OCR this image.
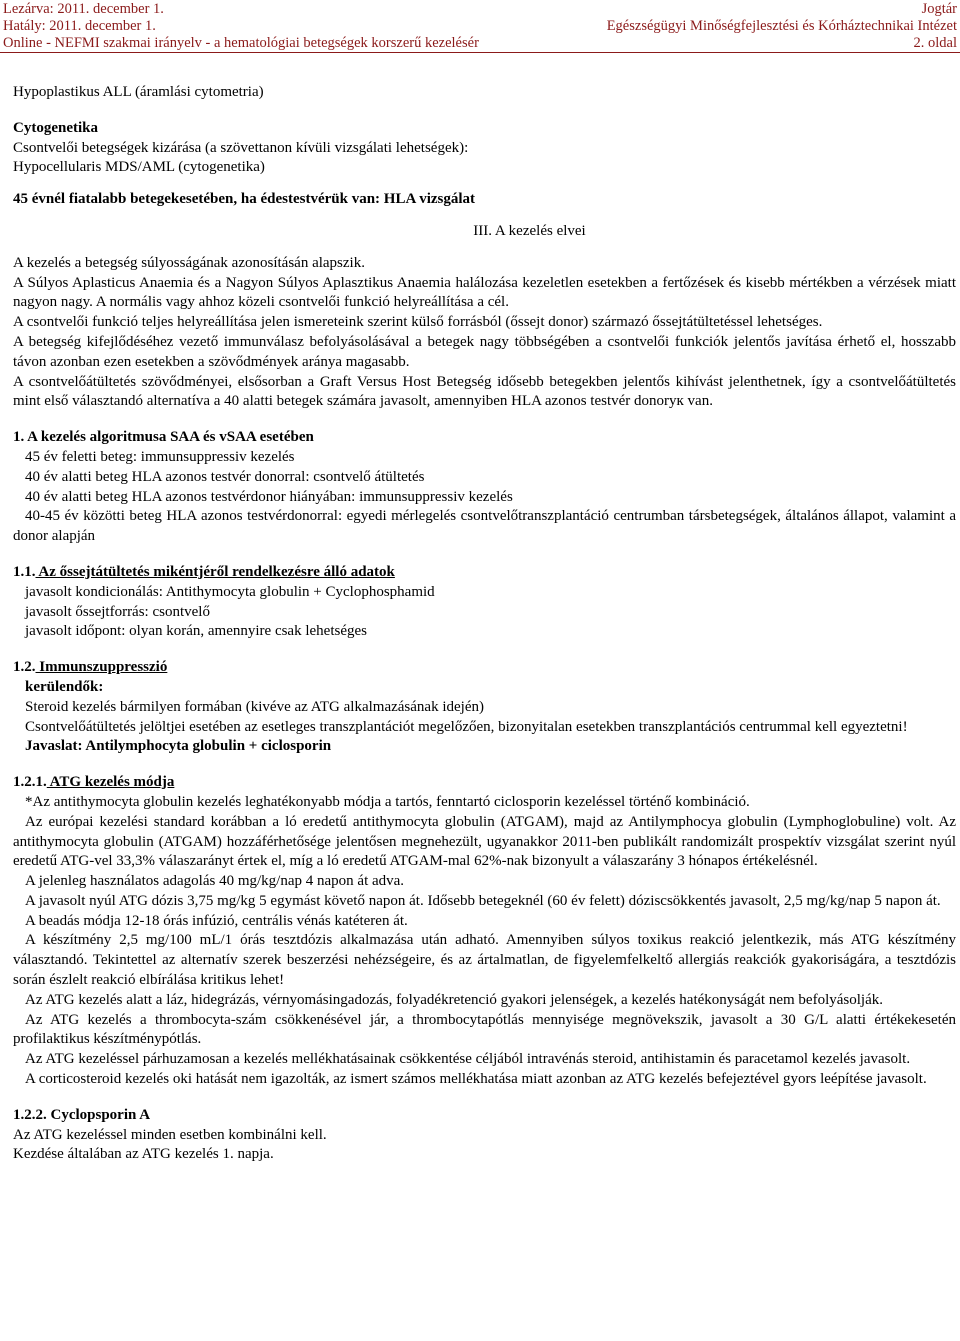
Lezárva: 2011. december 1.
Hatály: 2011. december 1.
Online - NEFMI szakmai irányelv - a hematológiai betegségek korszerű kezelésér
Jogtár
Egészségügyi Minőségfejlesztési és Kórháztechnikai Intézet
2. oldal

Hypoplastikus ALL (áramlási cytometria)

Cytogenetika

Csontvelői betegségek kizárása (a szövettanon kívüli vizsgálati lehetségek):

Hypocellularis MDS/AML (cytogenetika)

45 évnél fiatalabb betegekesetében, ha édestestvérük van: HLA vizsgálat

III. A kezelés elvei

A kezelés a betegség súlyosságának azonosításán alapszik.

A Súlyos Aplasticus Anaemia és a Nagyon Súlyos Aplasztikus Anaemia halálozása kezeletlen esetekben a fertőzések és kisebb mértékben a vérzések miatt nagyon nagy. A normális vagy ahhoz közeli csontvelői funkció helyreállítása a cél.

A csontvelői funkció teljes helyreállítása jelen ismereteink szerint külső forrásból (őssejt donor) származó őssejtátültetéssel lehetséges.

A betegség kifejlődéséhez vezető immunválasz befolyásolásával a betegek nagy többségében a csontvelői funkciók jelentős javítása érhető el, hosszabb távon azonban ezen esetekben a szövődmények aránya magasabb.

A csontvelőátültetés szövődményei, elsősorban a Graft Versus Host Betegség idősebb betegekben jelentős kihívást jelenthetnek, így a csontvelőátültetés mint első választandó alternatíva a 40 alatti betegek számára javasolt, amennyiben HLA azonos testvér donorук van.

1. A kezelés algoritmusa SAA és vSAA esetében

45 év feletti beteg: immunsuppressiv kezelés

40 év alatti beteg HLA azonos testvér donorral: csontvelő átültetés

40 év alatti beteg HLA azonos testvérdonor hiányában: immunsuppressiv kezelés

40-45 év közötti beteg HLA azonos testvérdonorral: egyedi mérlegelés csontvelőtranszplantáció centrumban társbetegségek, általános állapot, valamint a donor alapján

1.1. Az őssejtátültetés mikéntjéről rendelkezésre álló adatok

javasolt kondicionálás: Antithymocyta globulin + Cyclophosphamid

javasolt őssejtforrás: csontvelő

javasolt időpont: olyan korán, amennyire csak lehetséges

1.2. Immunszuppresszió

kerülendők:

Steroid kezelés bármilyen formában (kivéve az ATG alkalmazásának idején)

Csontvelőátültetés jelöltjei esetében az esetleges transzplantációt megelőzően, bizonyitalan esetekben transzplantációs centrummal kell egyeztetni!

Javaslat: Antilymphocyta globulin + ciclosporin

1.2.1. ATG kezelés módja

*Az antithymocyta globulin kezelés leghatékonyabb módja a tartós, fenntartó ciclosporin kezeléssel történő kombináció.

Az európai kezelési standard korábban a ló eredetű antithymocyta globulin (ATGAM), majd az Antilymphocya globulin (Lymphoglobuline) volt. Az antithymocyta globulin (ATGAM) hozzáférhetősége jelentősen megnehezült, ugyanakkor 2011-ben publikált randomizált prospektív vizsgálat szerint nyúl eredetű ATG-vel 33,3% válaszarányt értek el, míg a ló eredetű ATGAM-mal 62%-nak bizonyult a válaszarány 3 hónapos értékelésnél.

A jelenleg használatos adagolás 40 mg/kg/nap 4 napon át adva.

A javasolt nyúl ATG dózis 3,75 mg/kg 5 egymást követő napon át. Idősebb betegeknél (60 év felett) dóziscsökkentés javasolt, 2,5 mg/kg/nap 5 napon át.

A beadás módja 12-18 órás infúzió, centrális vénás katéteren át.

A készítmény 2,5 mg/100 mL/1 órás tesztdózis alkalmazása után adható. Amennyiben súlyos toxikus reakció jelentkezik, más ATG készítmény választandó. Tekintettel az alternatív szerek beszerzési nehézségeire, és az ártalmatlan, de figyelemfelkeltő allergiás reakciók gyakoriságára, a tesztdózis során észlelt reakció elbírálása kritikus lehet!

Az ATG kezelés alatt a láz, hidegrázás, vérnyomásingadozás, folyadékretenció gyakori jelenségek, a kezelés hatékonyságát nem befolyásolják.

Az ATG kezelés a thrombocyta-szám csökkenésével jár, a thrombocytapótlás mennyisége megnövekszik, javasolt a 30 G/L alatti értékekesetén profilaktikus készítménypótlás.

Az ATG kezeléssel párhuzamosan a kezelés mellékhatásainak csökkentése céljából intravénás steroid, antihistamin és paracetamol kezelés javasolt.

A corticosteroid kezelés oki hatását nem igazolták, az ismert számos mellékhatása miatt azonban az ATG kezelés befejeztével gyors leépítése javasolt.

1.2.2. Cyclopsporin A

Az ATG kezeléssel minden esetben kombinálni kell.

Kezdése általában az ATG kezelés 1. napja.
